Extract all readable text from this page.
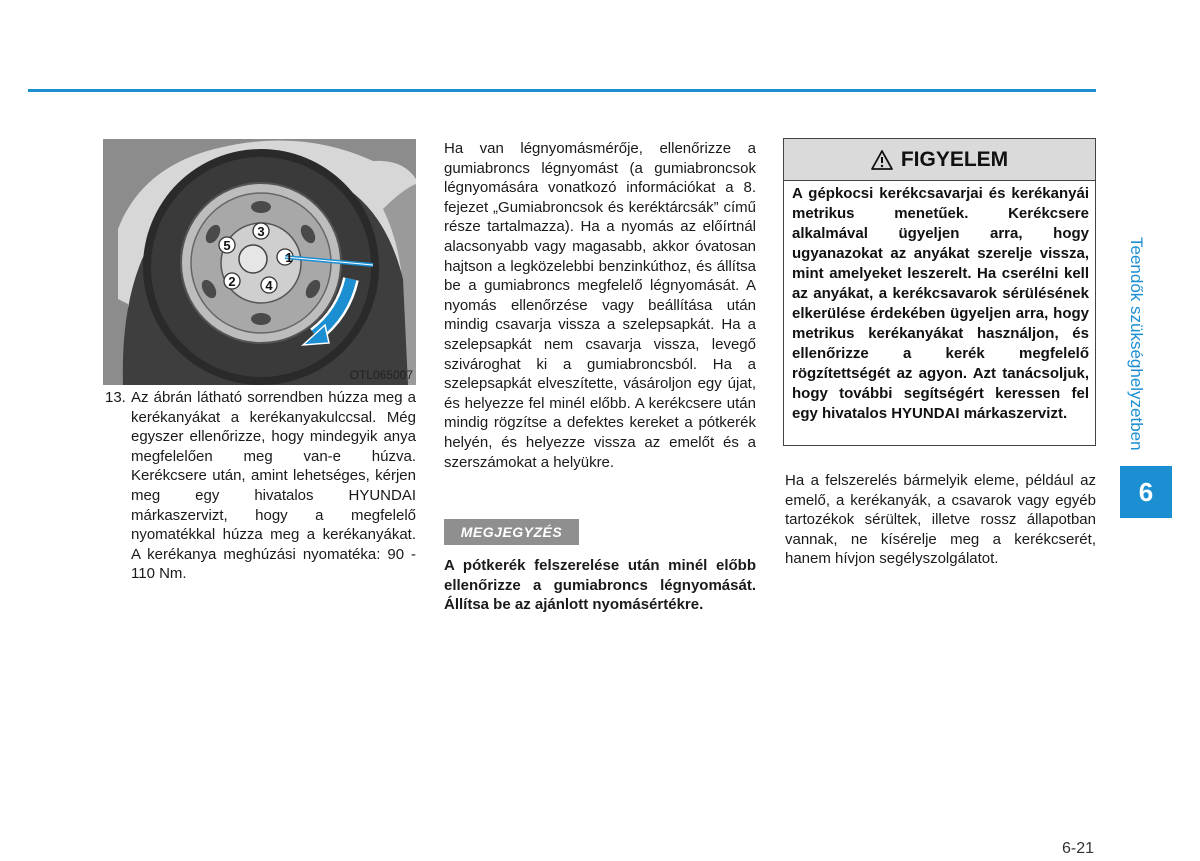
1
2
3
4
5
OTL065007
13. Az ábrán látható sorrendben húzza meg a kerékanyákat a kerékanyakulccsal. Még egyszer ellenőrizze, hogy mindegyik anya megfelelően meg van-e húzva. Kerékcsere után, amint lehetséges, kérjen meg egy hivatalos HYUNDAI márkaszervizt, hogy a megfelelő nyomatékkal húzza meg a kerékanyákat. A kerékanya meghúzási nyomatéka: 90 - 110 Nm.
Ha van légnyomásmérője, ellenőrizze a gumiabroncs légnyomást (a gumiabroncsok légnyomására vonatkozó információkat a 8. fejezet „Gumiabroncsok és keréktárcsák” című része tartalmazza). Ha a nyomás az előírtnál alacsonyabb vagy magasabb, akkor óvatosan hajtson a legközelebbi benzinkúthoz, és állítsa be a gumiabroncs megfelelő légnyomását. A nyomás ellenőrzése vagy beállítása után mindig csavarja vissza a szelepsapkát. Ha a szelepsapkát nem csavarja vissza, levegő szivároghat ki a gumiabroncsból. Ha a szelepsapkát elveszítette, vásároljon egy újat, és helyezze fel minél előbb. A kerékcsere után mindig rögzítse a defektes kereket a pótkerék helyén, és helyezze vissza az emelőt és a szerszámokat a helyükre.
MEGJEGYZÉS
A pótkerék felszerelése után minél előbb ellenőrizze a gumiabroncs légnyomását. Állítsa be az ajánlott nyomásértékre.
FIGYELEM
A gépkocsi kerékcsavarjai és kerékanyái metrikus menetűek. Kerékcsere alkalmával ügyeljen arra, hogy ugyanazokat az anyákat szerelje vissza, mint amelyeket leszerelt. Ha cserélni kell az anyákat, a kerékcsavarok sérülésének elkerülése érdekében ügyeljen arra, hogy metrikus kerékanyákat használjon, és ellenőrizze a kerék megfelelő rögzítettségét az agyon. Azt tanácsoljuk, hogy további segítségért keressen fel egy hivatalos HYUNDAI márkaszervizt.
Ha a felszerelés bármelyik eleme, például az emelő, a kerékanyák, a csavarok vagy egyéb tartozékok sérültek, illetve rossz állapotban vannak, ne kísérelje meg a kerékcserét, hanem hívjon segélyszolgálatot.
Teendők szükséghelyzetben
6
6-21
